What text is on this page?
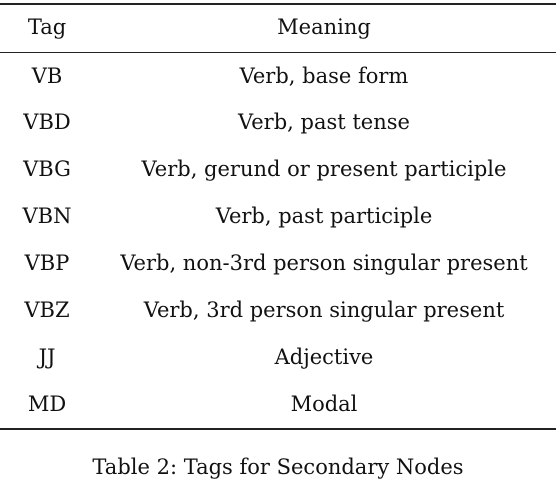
Tag	Meaning
VB	Verb, base form
VBD	Verb, past tense
VBG	Verb, gerund or present participle
VBN	Verb, past participle
VBP	Verb, non-3rd person singular present
VBZ	Verb, 3rd person singular present
JJ	Adjective
MD	Modal
Table 2: Tags for Secondary Nodes
